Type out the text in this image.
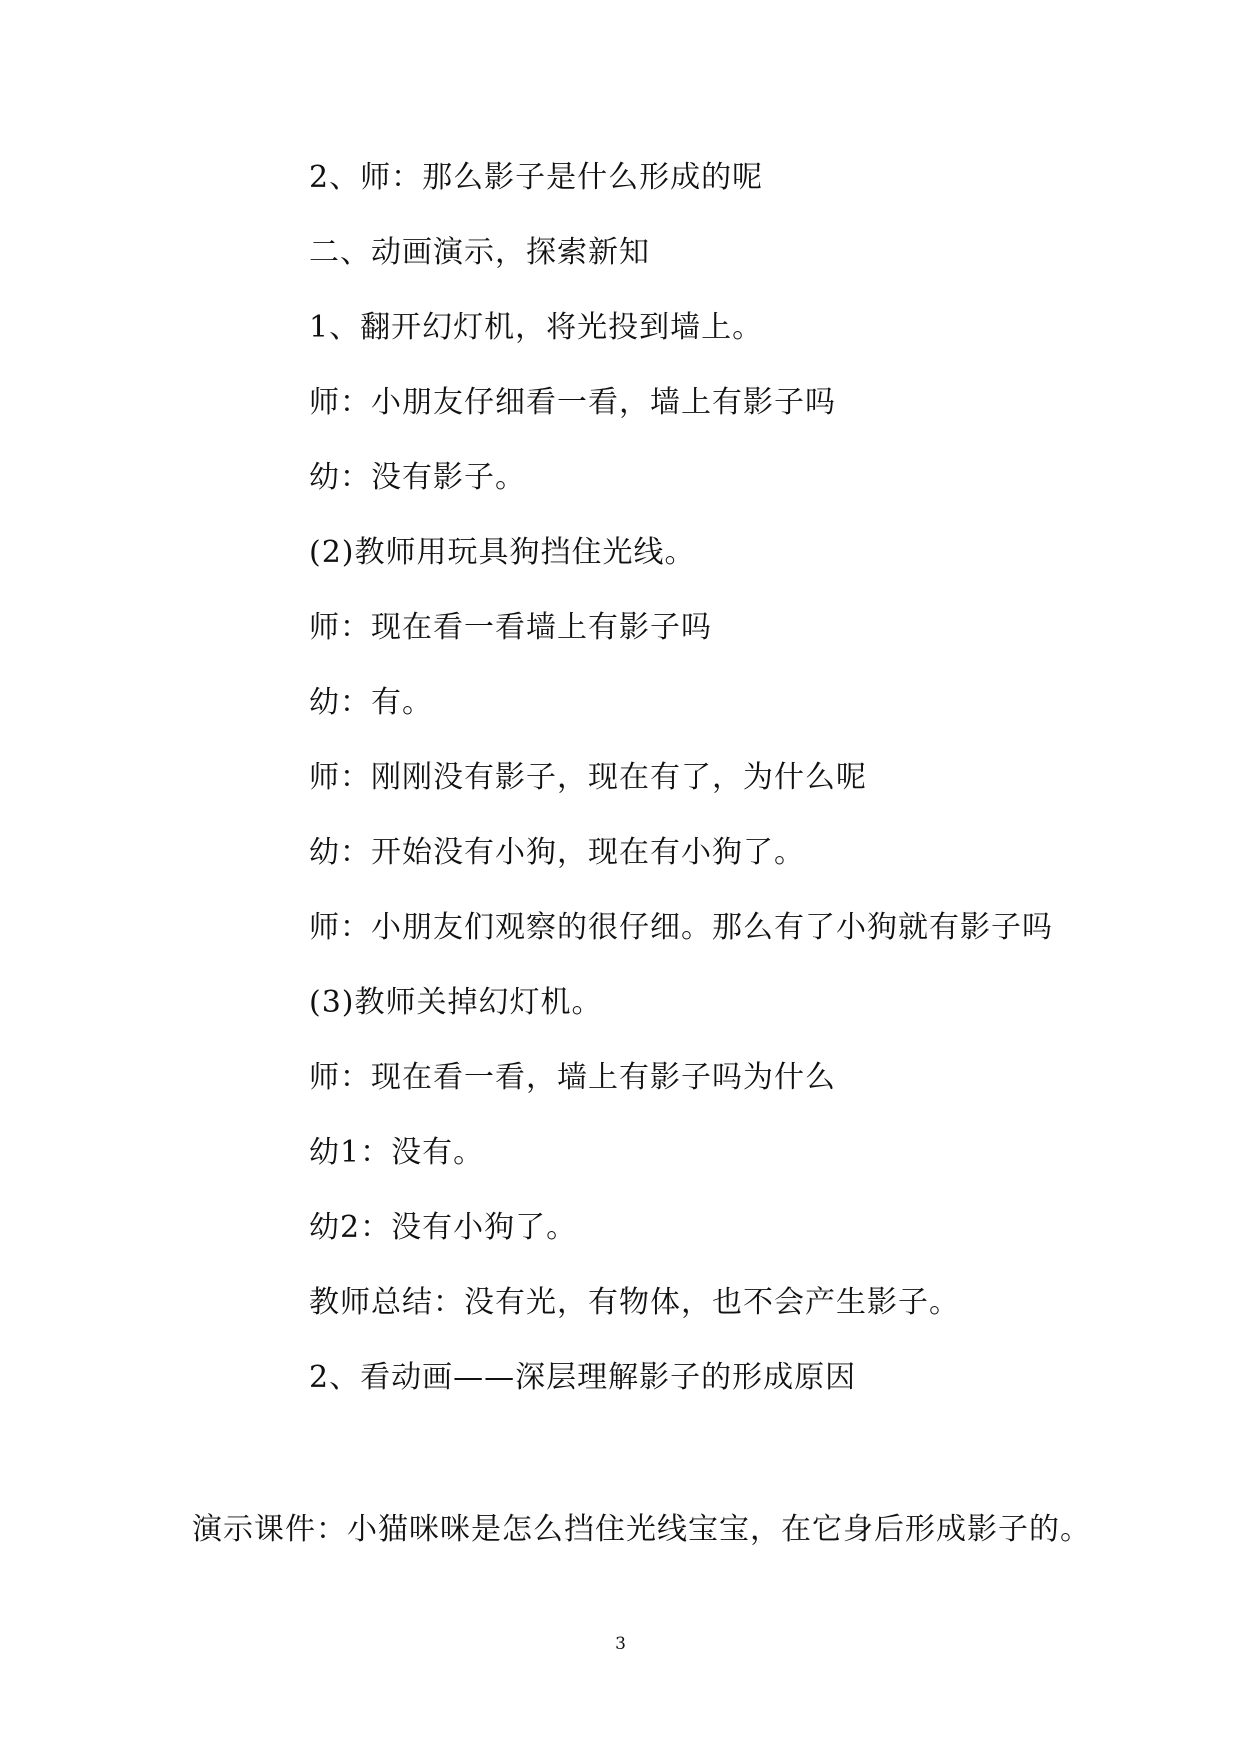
2、师：那么影子是什么形成的呢
二、动画演示，探索新知
1、翻开幻灯机，将光投到墙上。
师：小朋友仔细看一看，墙上有影子吗
幼：没有影子。
(2)教师用玩具狗挡住光线。
师：现在看一看墙上有影子吗
幼：有。
师：刚刚没有影子，现在有了，为什么呢
幼：开始没有小狗，现在有小狗了。
师：小朋友们观察的很仔细。那么有了小狗就有影子吗
(3)教师关掉幻灯机。
师：现在看一看，墙上有影子吗为什么
幼1：没有。
幼2：没有小狗了。
教师总结：没有光，有物体，也不会产生影子。
2、看动画——深层理解影子的形成原因
演示课件：小猫咪咪是怎么挡住光线宝宝，在它身后形成影子的。
3
